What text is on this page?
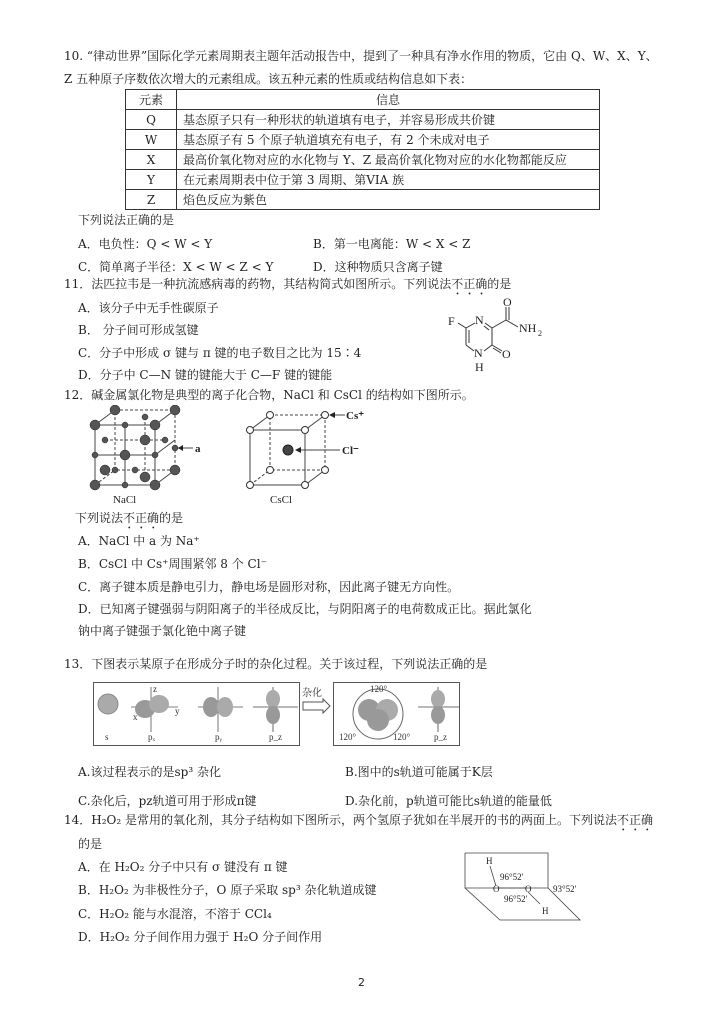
10. “律动世界”国际化学元素周期表主题年活动报告中，提到了一种具有净水作用的物质，它由 Q、W、X、Y、
Z 五种原子序数依次增大的元素组成。该五种元素的性质或结构信息如下表：
元素	信息
Q	基态原子只有一种形状的轨道填有电子，并容易形成共价键
W	基态原子有 5 个原子轨道填充有电子，有 2 个未成对电子
X	最高价氧化物对应的水化物与 Y、Z 最高价氧化物对应的水化物都能反应
Y	在元素周期表中位于第 3 周期、第VIA 族
Z	焰色反应为紫色
下列说法正确的是
A．电负性：Q < W < Y	B．第一电离能：W < X < Z
C．简单离子半径：X < W < Z < Y	D．这种物质只含离子键
11．法匹拉韦是一种抗流感病毒的药物，其结构简式如图所示。下列说法不正确的是
A．该分子中无手性碳原子
B． 分子间可形成氢键
C．分子中形成 σ 键与 π 键的电子数目之比为 15∶4
D．分子中 C—N 键的键能大于 C—F 键的键能
F N
O
NH 2
N
H
O
12．碱金属氯化物是典型的离子化合物，NaCl 和 CsCl 的结构如下图所示。
a
NaCl
Cs⁺
Cl⁻
CsCl
下列说法不正确的是
A．NaCl 中 a 为 Na⁺
B．CsCl 中 Cs⁺周围紧邻 8 个 Cl⁻
C．离子键本质是静电引力，静电场是圆形对称，因此离子键无方向性。
D．已知离子键强弱与阴阳离子的半径成反比，与阴阳离子的电荷数成正比。据此氯化
钠中离子键强于氯化铯中离子键
13．下图表示某原子在形成分子时的杂化过程。关于该过程，下列说法正确的是
s
z
y
x
pₓ	pᵧ	p_z
杂化	120°
120°	120°	p_z
A.该过程表示的是sp³ 杂化	B.图中的s轨道可能属于K层
C.杂化后，pz轨道可用于形成π键	D.杂化前，p轨道可能比s轨道的能量低
14．H₂O₂ 是常用的氧化剂，其分子结构如下图所示，两个氢原子犹如在半展开的书的两面上。下列说法不正确
的是
A．在 H₂O₂ 分子中只有 σ 键没有 π 键
B．H₂O₂ 为非极性分子，O 原子采取 sp³ 杂化轨道成键
C．H₂O₂ 能与水混溶，不溶于 CCl₄
D．H₂O₂ 分子间作用力强于 H₂O 分子间作用
H
O	O
H
96°52′
96°52′
93°52′
2
